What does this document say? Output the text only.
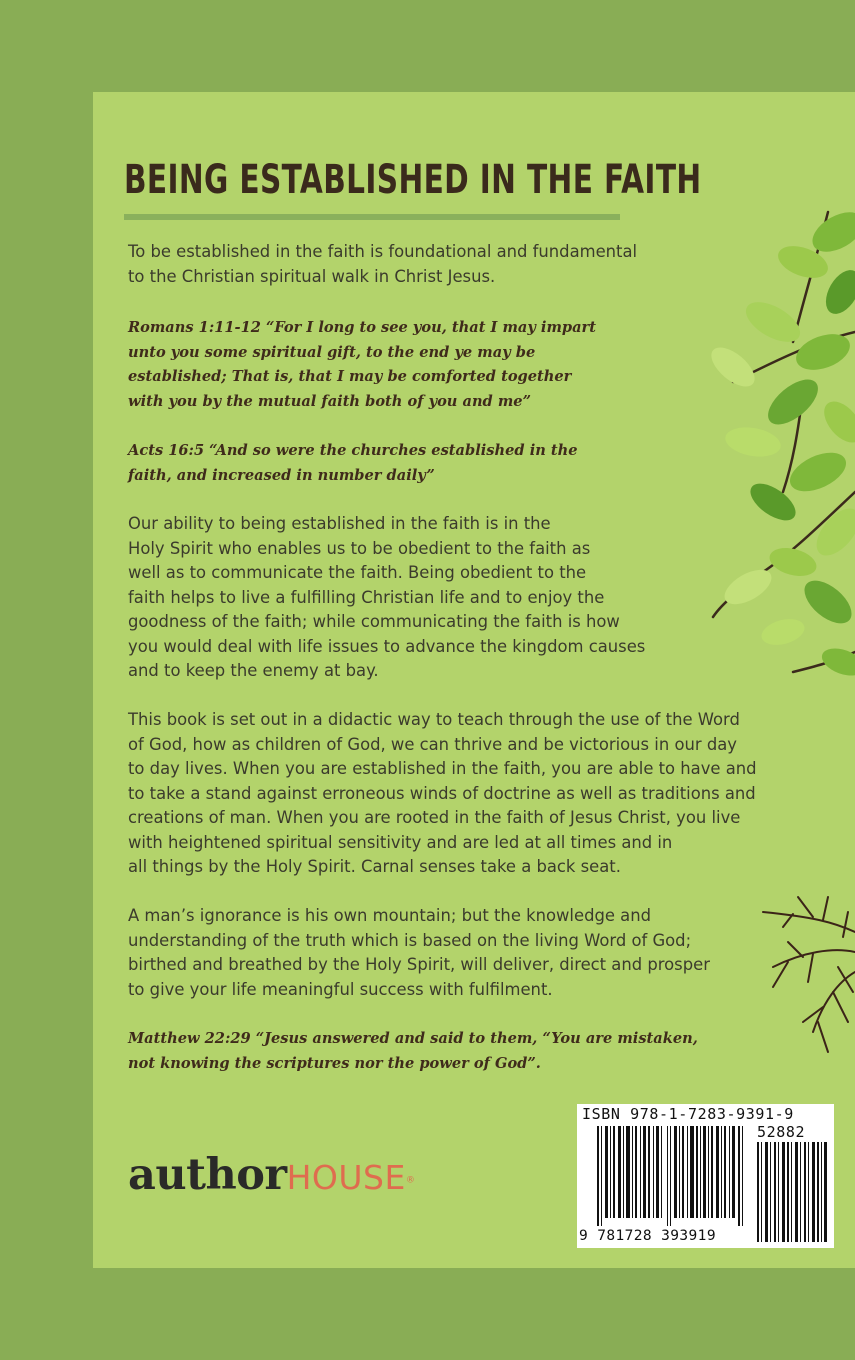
BEING ESTABLISHED IN THE FAITH

To be established in the faith is foundational and fundamental
to the Christian spiritual walk in Christ Jesus.

Romans 1:11-12 “For I long to see you, that I may impart
unto you some spiritual gift, to the end ye may be
established; That is, that I may be comforted together
with you by the mutual faith both of you and me”

Acts 16:5 “And so were the churches established in the
faith, and increased in number daily”

Our ability to being established in the faith is in the
Holy Spirit who enables us to be obedient to the faith as
well as to communicate the faith. Being obedient to the
faith helps to live a fulfilling Christian life and to enjoy the
goodness of the faith; while communicating the faith is how
you would deal with life issues to advance the kingdom causes
and to keep the enemy at bay.

This book is set out in a didactic way to teach through the use of the Word
of God, how as children of God, we can thrive and be victorious in our day
to day lives. When you are established in the faith, you are able to have and
to take a stand against erroneous winds of doctrine as well as traditions and
creations of man. When you are rooted in the faith of Jesus Christ, you live
with heightened spiritual sensitivity and are led at all times and in
all things by the Holy Spirit. Carnal senses take a back seat.

A man’s ignorance is his own mountain; but the knowledge and
understanding of the truth which is based on the living Word of God;
birthed and breathed by the Holy Spirit, will deliver, direct and prosper
to give your life meaningful success with fulfilment.

Matthew 22:29 “Jesus answered and said to them, “You are mistaken,
not knowing the scriptures nor the power of God”.

authorHOUSE®

ISBN 978-1-7283-9391-9

52882

9 781728 393919
